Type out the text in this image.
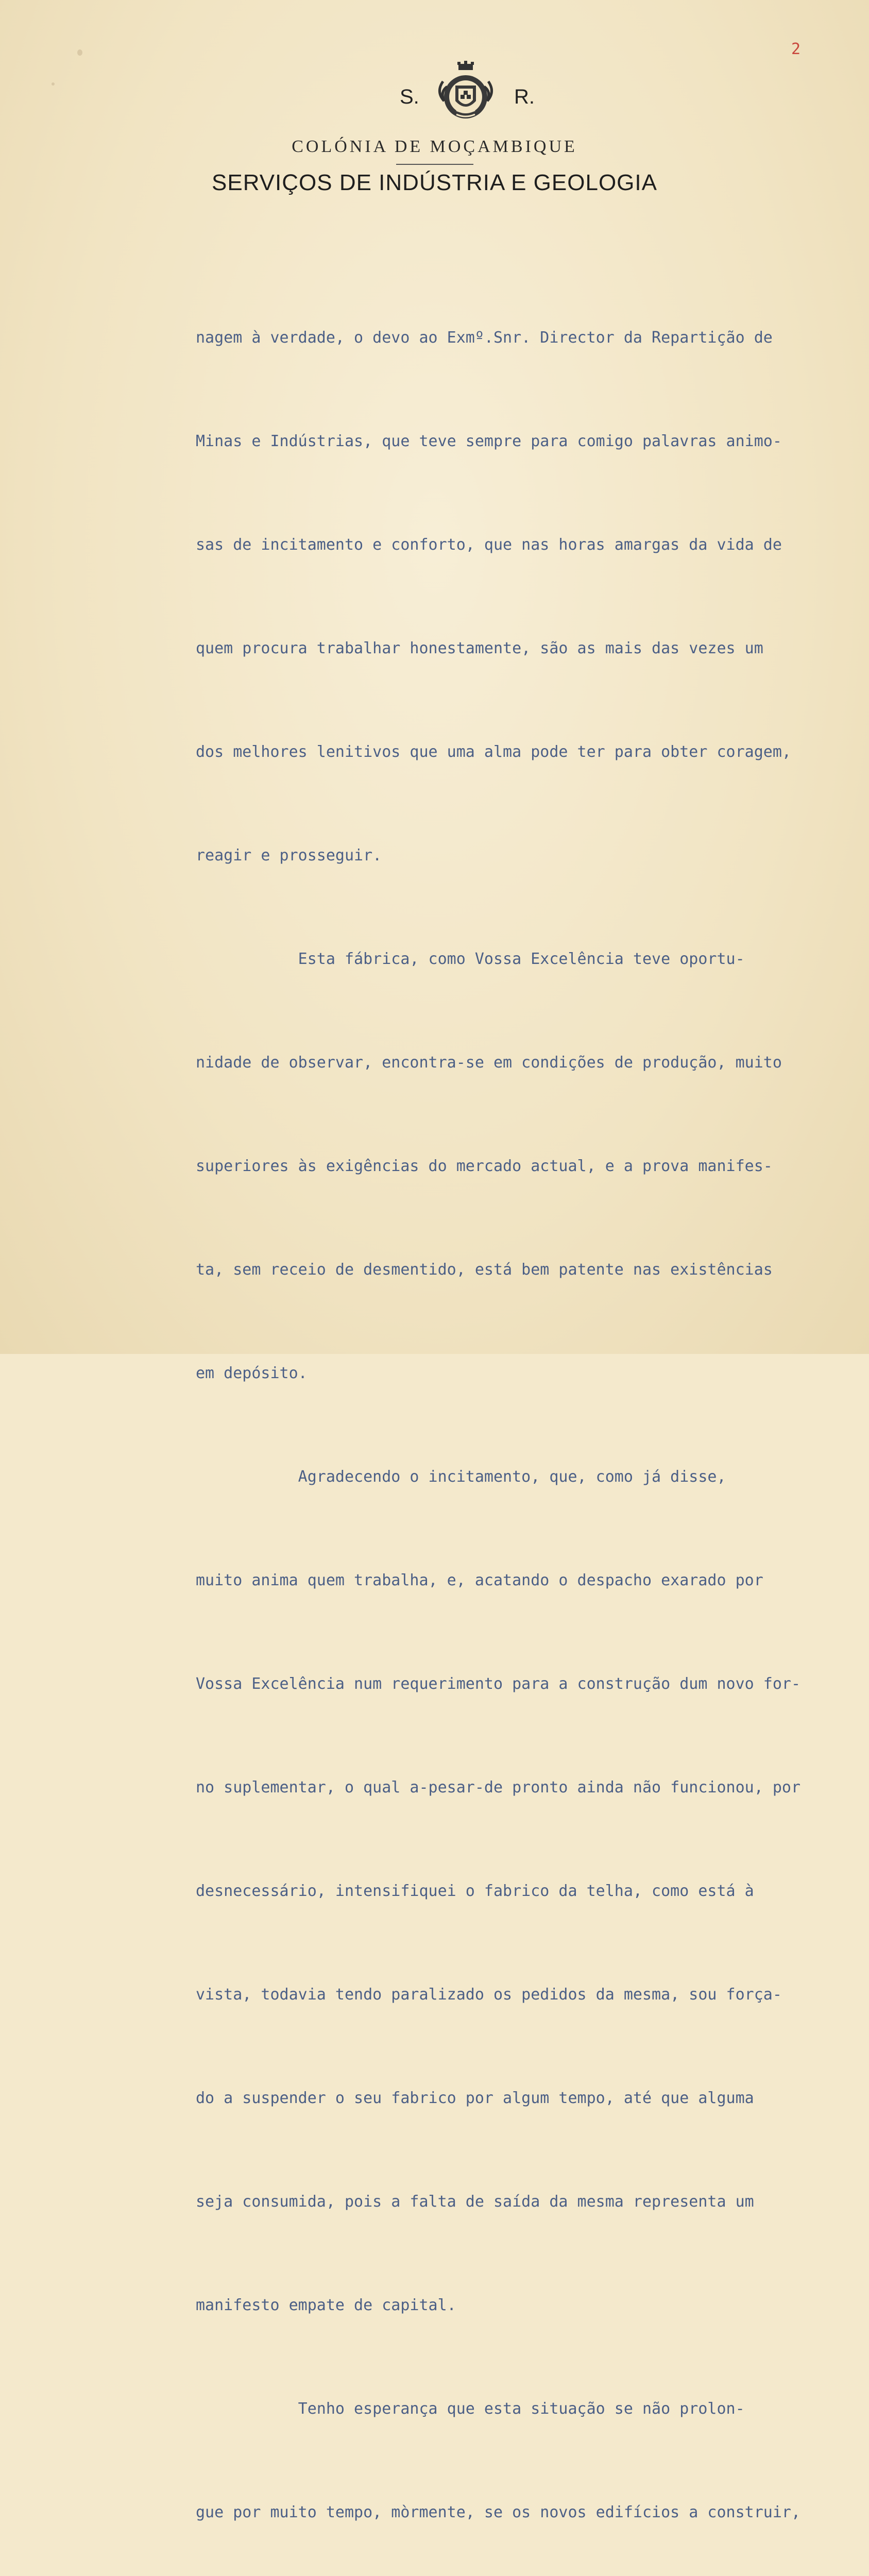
2
S.	R.
COLÓNIA DE MOÇAMBIQUE
SERVIÇOS DE INDÚSTRIA E GEOLOGIA

nagem à verdade, o devo ao Exmº.Snr. Director da Repartição de

Minas e Indústrias, que teve sempre para comigo palavras animo-

sas de incitamento e conforto, que nas horas amargas da vida de

quem procura trabalhar honestamente, são as mais das vezes um

dos melhores lenitivos que uma alma pode ter para obter coragem,

reagir e prosseguir.

Esta fábrica, como Vossa Excelência teve oportu-

nidade de observar, encontra-se em condições de produção, muito

superiores às exigências do mercado actual, e a prova manifes-

ta, sem receio de desmentido, está bem patente nas existências

em depósito.

Agradecendo o incitamento, que, como já disse,

muito anima quem trabalha, e, acatando o despacho exarado por

Vossa Excelência num requerimento para a construção dum novo for-

no suplementar, o qual a-pesar-de pronto ainda não funcionou, por

desnecessário, intensifiquei o fabrico da telha, como está à

vista, todavia tendo paralizado os pedidos da mesma, sou força-

do a suspender o seu fabrico por algum tempo, até que alguma

seja consumida, pois a falta de saída da mesma representa um

manifesto empate de capital.

Tenho esperança que esta situação se não prolon-

gue por muito tempo, mòrmente, se os novos edifícios a construir,
